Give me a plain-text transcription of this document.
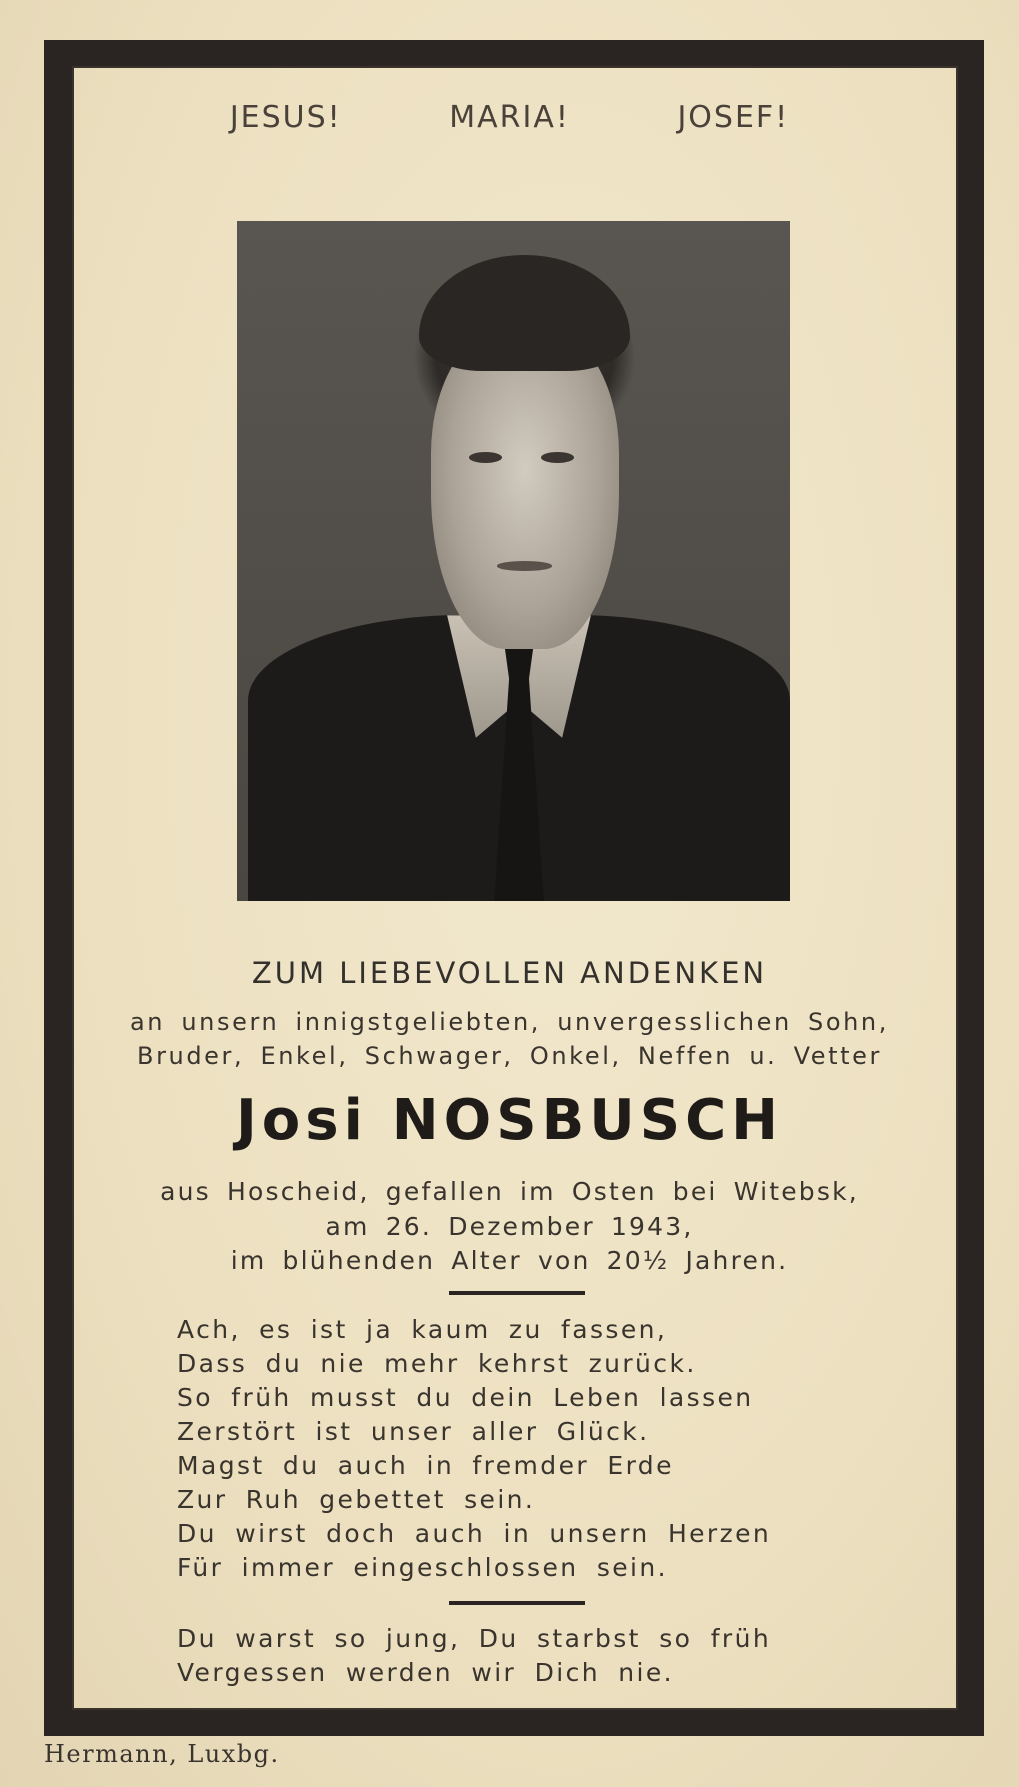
JESUS!	MARIA!	JOSEF!
ZUM LIEBEVOLLEN ANDENKEN
an unsern innigstgeliebten, unvergesslichen Sohn,
Bruder, Enkel, Schwager, Onkel, Neffen u. Vetter
Josi NOSBUSCH
aus Hoscheid, gefallen im Osten bei Witebsk,
am 26. Dezember 1943,
im blühenden Alter von 20½ Jahren.
Ach, es ist ja kaum zu fassen,
Dass du nie mehr kehrst zurück.
So früh musst du dein Leben lassen
Zerstört ist unser aller Glück.
Magst du auch in fremder Erde
Zur Ruh gebettet sein.
Du wirst doch auch in unsern Herzen
Für immer eingeschlossen sein.
Du warst so jung, Du starbst so früh
Vergessen werden wir Dich nie.
Hermann, Luxbg.
